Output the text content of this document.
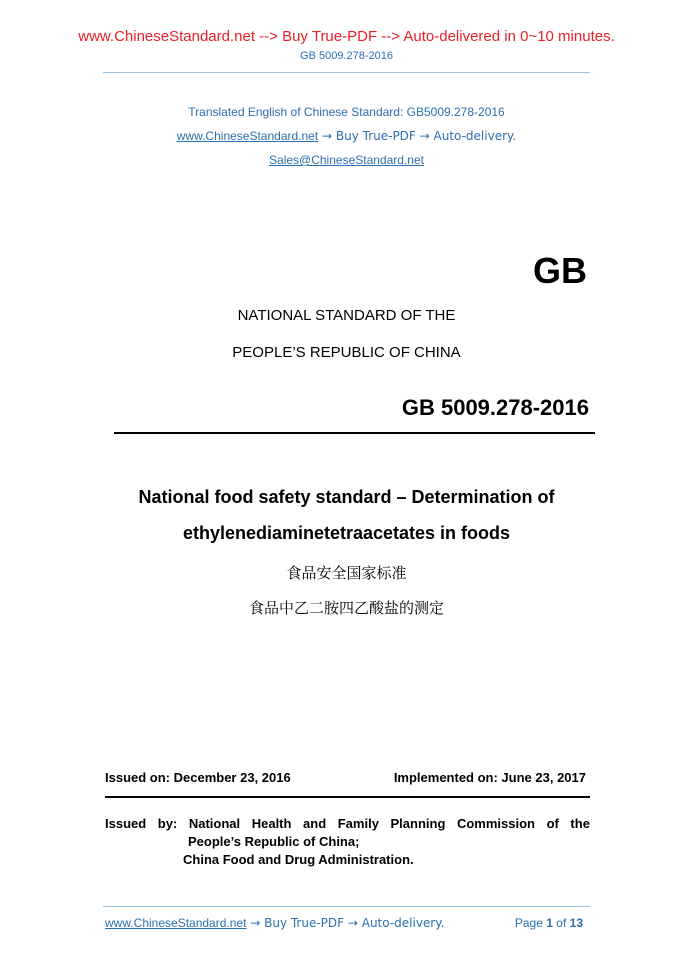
www.ChineseStandard.net --> Buy True-PDF --> Auto-delivered in 0~10 minutes.
GB 5009.278-2016
Translated English of Chinese Standard: GB5009.278-2016
www.ChineseStandard.net → Buy True-PDF → Auto-delivery.
Sales@ChineseStandard.net
GB
NATIONAL STANDARD OF THE
PEOPLE’S REPUBLIC OF CHINA
GB 5009.278-2016
National food safety standard – Determination of
ethylenediaminetetraacetates in foods
食品安全国家标准
食品中乙二胺四乙酸盐的测定
Issued on: December 23, 2016	Implemented on: June 23, 2017
Issued by: National Health and Family Planning Commission of the
People’s Republic of China;
China Food and Drug Administration.
www.ChineseStandard.net → Buy True-PDF → Auto-delivery.	Page 1 of 13
